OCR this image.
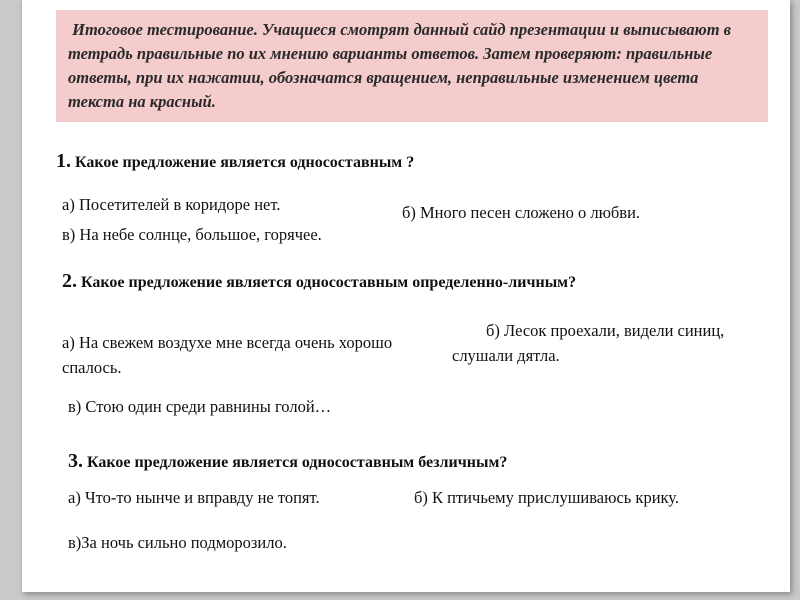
Итоговое тестирование. Учащиеся смотрят данный сайд презентации и выписывают в тетрадь правильные по их мнению варианты ответов. Затем проверяют: правильные ответы, при их нажатии, обозначатся вращением, неправильные изменением цвета текста на красный.
1. Какое предложение является односоставным ?
а) Посетителей в коридоре нет.	б) Много песен сложено о любви.
в) На небе солнце, большое, горячее.
2. Какое предложение является односоставным определенно-личным?
а) На свежем воздухе мне всегда очень хорошо спалось.
б) Лесок проехали, видели синиц, слушали дятла.
в) Стою один среди равнины голой…
3. Какое предложение является односоставным безличным?
а) Что-то нынче и вправду не топят.	б) К птичьему прислушиваюсь крику.
в)За ночь сильно подморозило.
